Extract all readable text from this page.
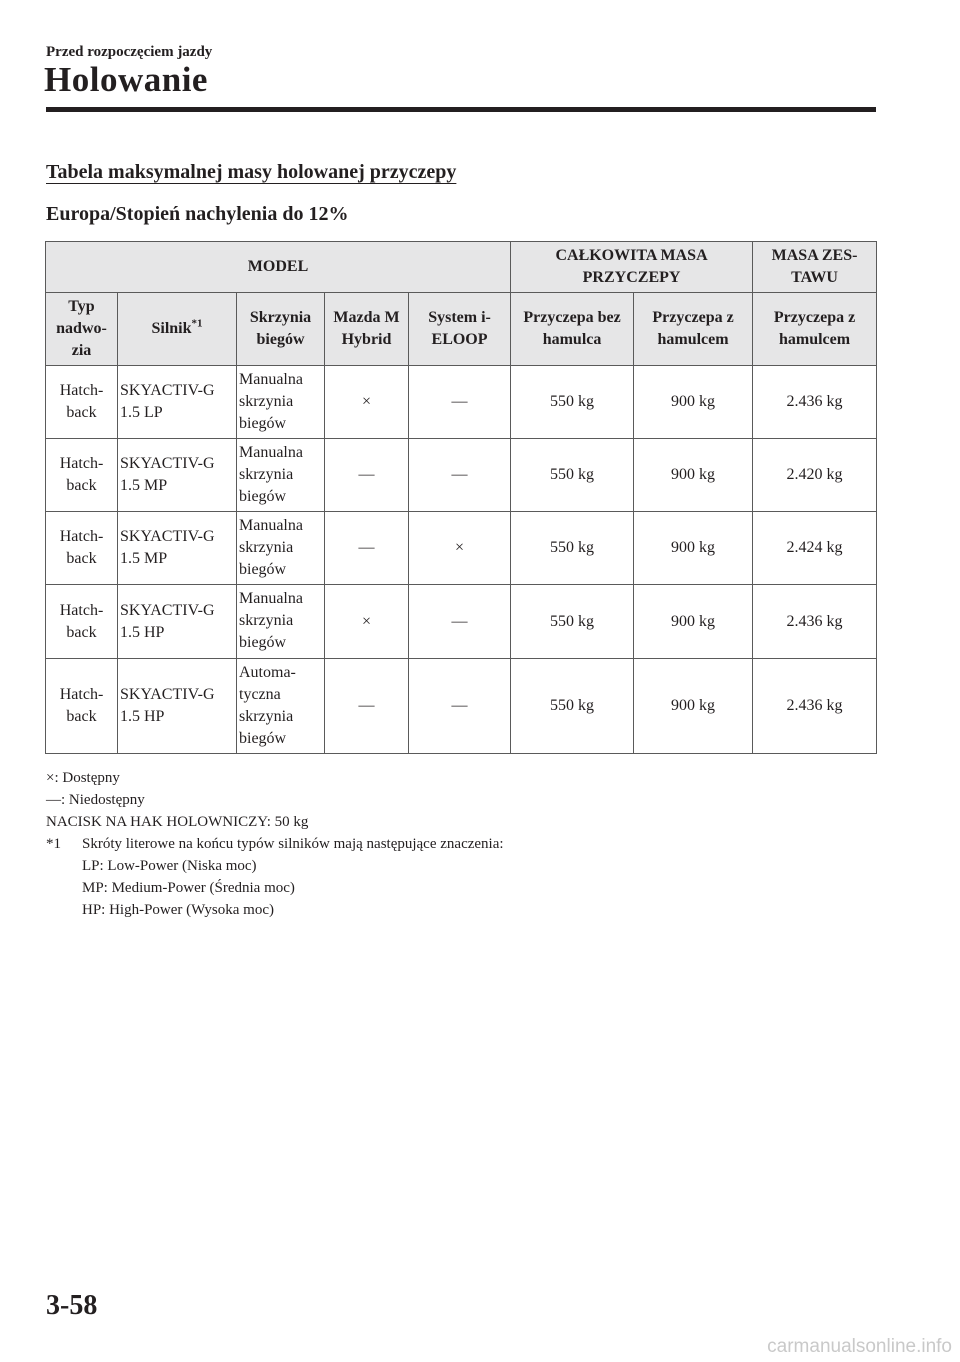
Przed rozpoczęciem jazdy
Holowanie
Tabela maksymalnej masy holowanej przyczepy
Europa/Stopień nachylenia do 12%
MODEL					CAŁKOWITA MASA PRZYCZEPY		MASA ZES-TAWU
Typ nadwo-zia	Silnik$^{*1}$	Skrzynia biegów	Mazda M Hybrid	System i-ELOOP	Przyczepa bez hamulca	Przyczepa z hamulcem	Przyczepa z hamulcem
Hatch-back	SKYACTIV-G 1.5 LP	Manualna skrzynia biegów	×	—	550 kg	900 kg	2.436 kg
Hatch-back	SKYACTIV-G 1.5 MP	Manualna skrzynia biegów	—	—	550 kg	900 kg	2.420 kg
Hatch-back	SKYACTIV-G 1.5 MP	Manualna skrzynia biegów	—	×	550 kg	900 kg	2.424 kg
Hatch-back	SKYACTIV-G 1.5 HP	Manualna skrzynia biegów	×	—	550 kg	900 kg	2.436 kg
Hatch-back	SKYACTIV-G 1.5 HP	Automa-tyczna skrzynia biegów	—	—	550 kg	900 kg	2.436 kg
×: Dostępny
—: Niedostępny
NACISK NA HAK HOLOWNICZY: 50 kg
*1 Skróty literowe na końcu typów silników mają następujące znaczenia:
LP: Low-Power (Niska moc)
MP: Medium-Power (Średnia moc)
HP: High-Power (Wysoka moc)
3-58
carmanualsonline.info
